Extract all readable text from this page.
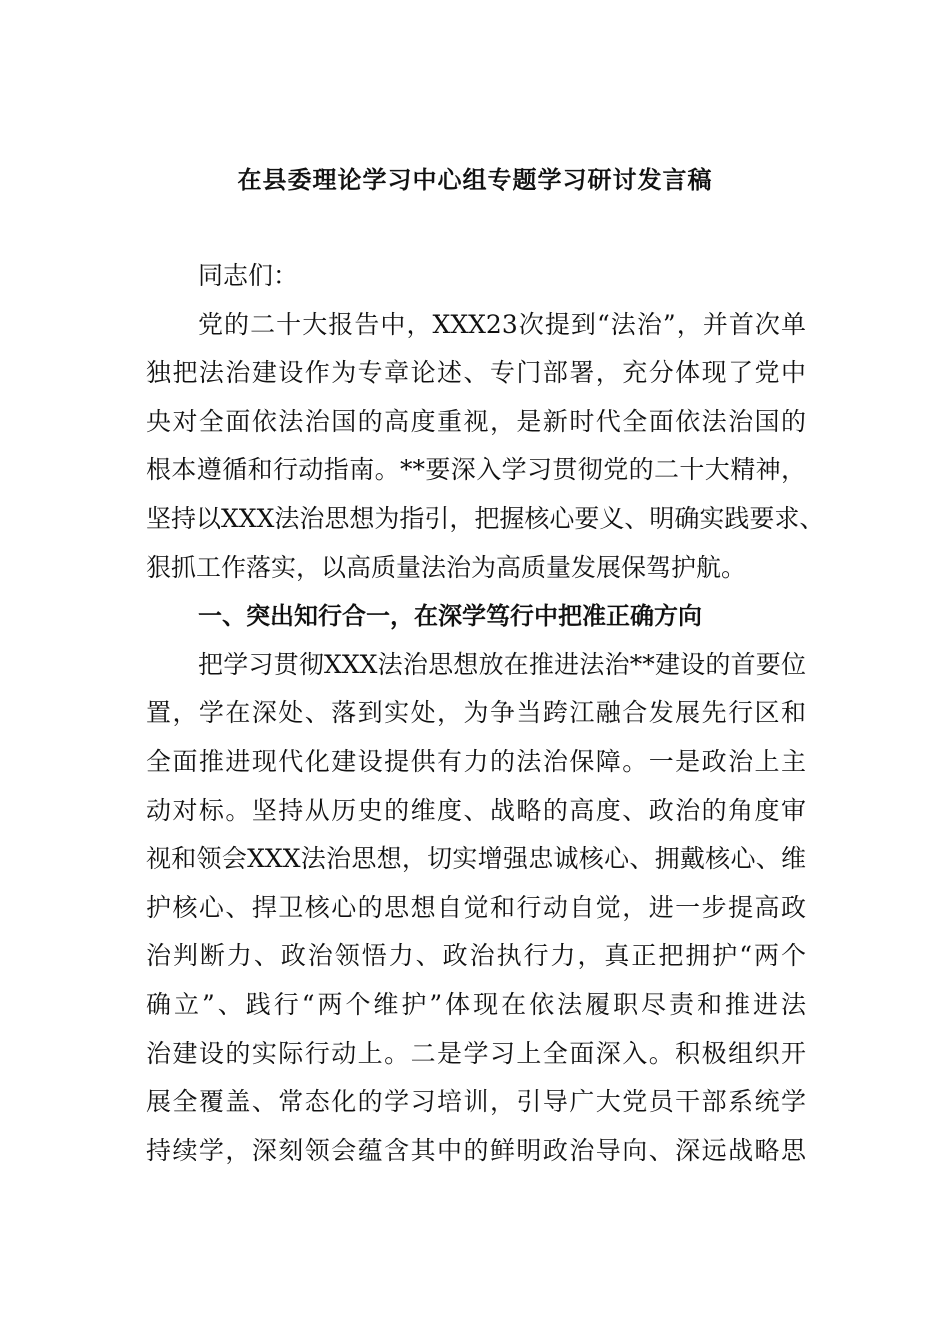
在县委理论学习中心组专题学习研讨发言稿
同志们：
党的二十大报告中，XXX23次提到“法治”，并首次单
独把法治建设作为专章论述、专门部署，充分体现了党中
央对全面依法治国的高度重视，是新时代全面依法治国的
根本遵循和行动指南。**要深入学习贯彻党的二十大精神，
坚持以XXX法治思想为指引，把握核心要义、明确实践要求、
狠抓工作落实，以高质量法治为高质量发展保驾护航。
一、突出知行合一，在深学笃行中把准正确方向
把学习贯彻XXX法治思想放在推进法治**建设的首要位
置，学在深处、落到实处，为争当跨江融合发展先行区和
全面推进现代化建设提供有力的法治保障。一是政治上主
动对标。坚持从历史的维度、战略的高度、政治的角度审
视和领会XXX法治思想，切实增强忠诚核心、拥戴核心、维
护核心、捍卫核心的思想自觉和行动自觉，进一步提高政
治判断力、政治领悟力、政治执行力，真正把拥护“两个
确立”、践行“两个维护”体现在依法履职尽责和推进法
治建设的实际行动上。二是学习上全面深入。积极组织开
展全覆盖、常态化的学习培训，引导广大党员干部系统学
持续学，深刻领会蕴含其中的鲜明政治导向、深远战略思
